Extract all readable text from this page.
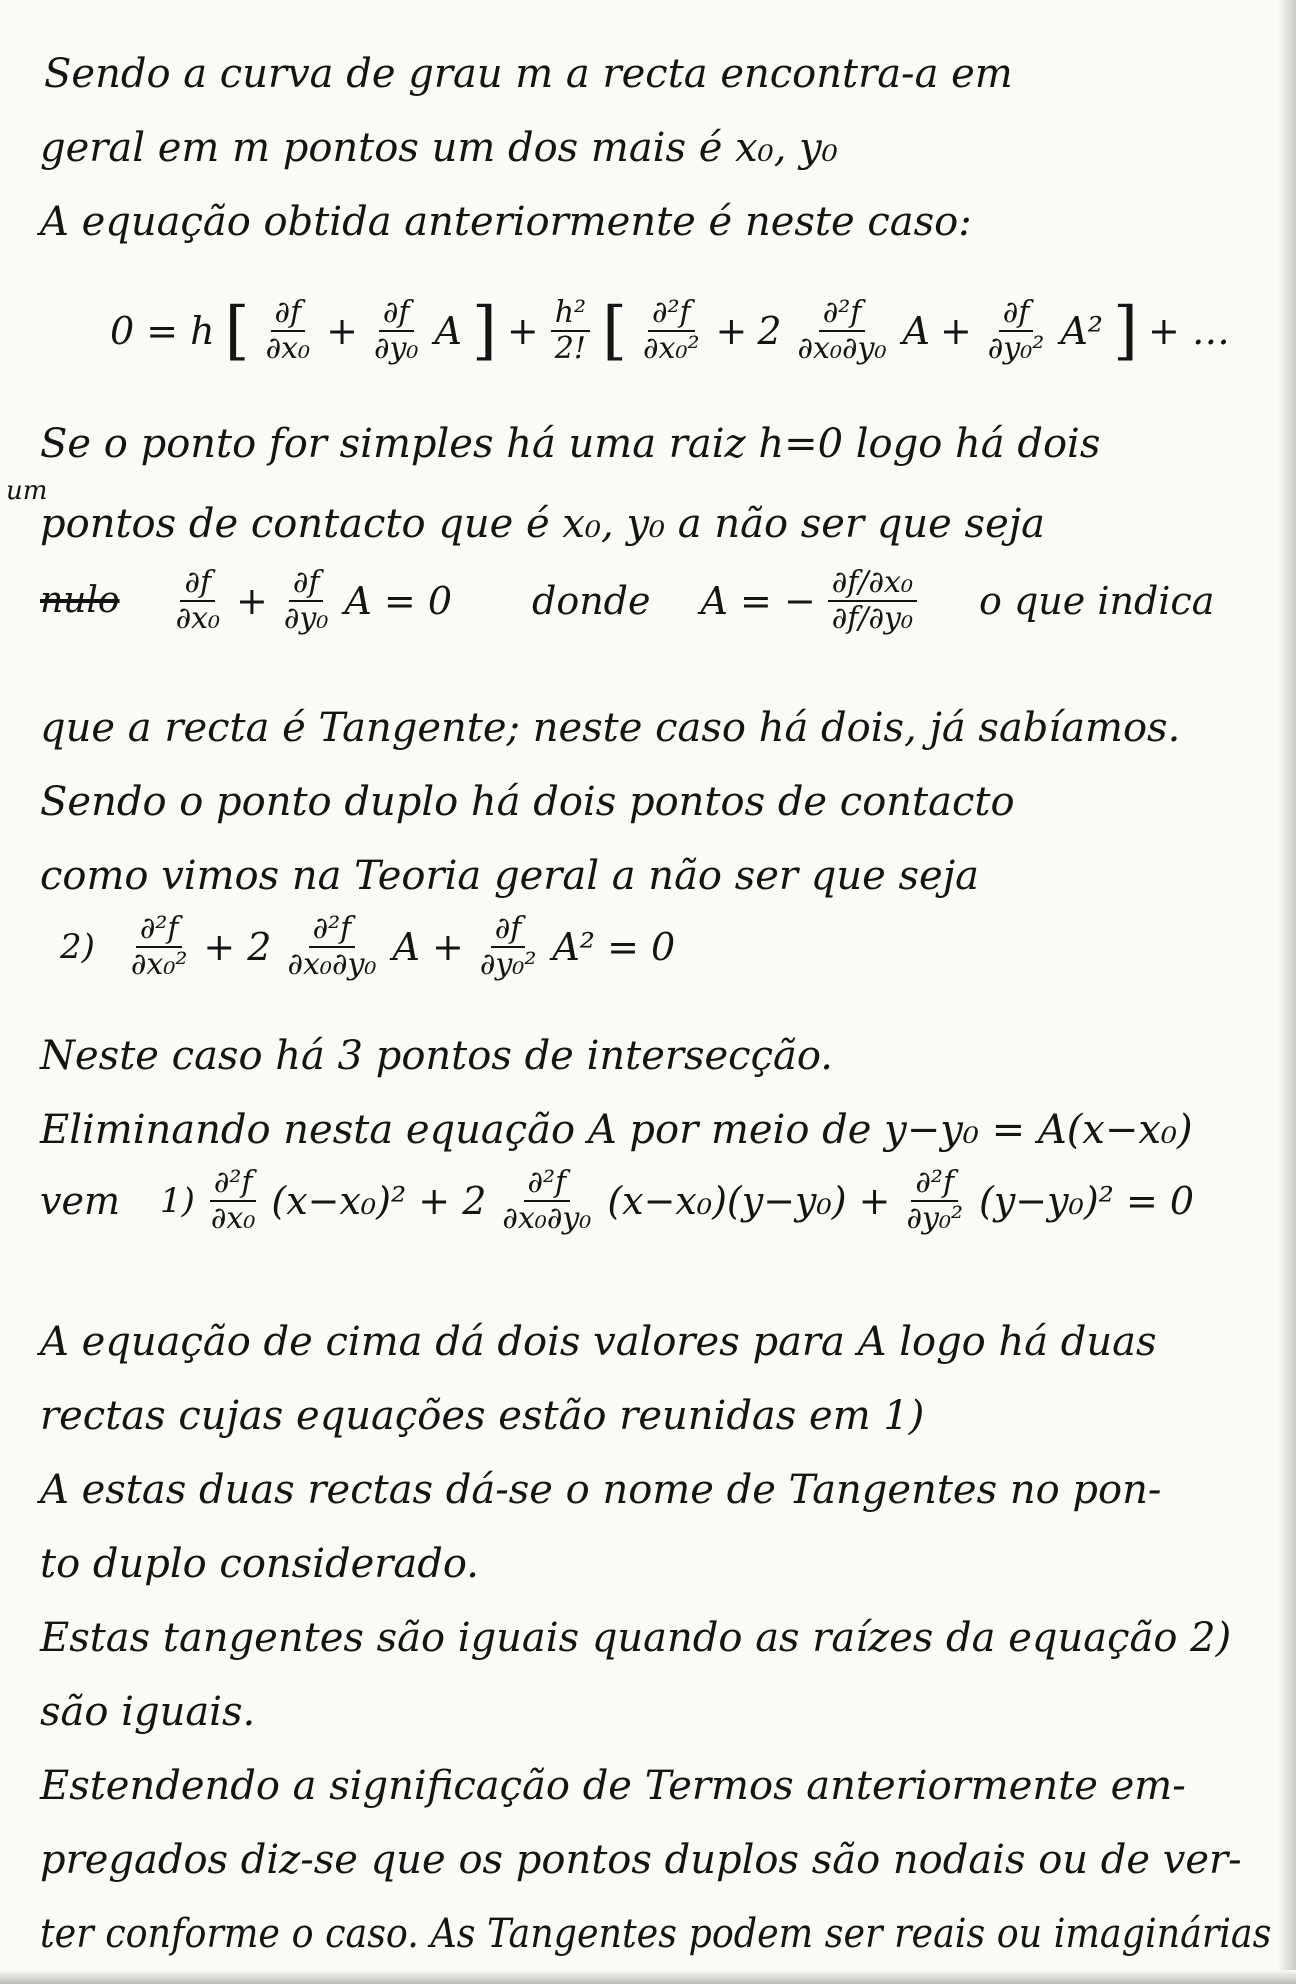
Sendo a curva de grau m a recta encontra-a em
geral em m pontos um dos mais é x₀, y₀
A equação obtida anteriormente é neste caso:
0 = h [ $\frac{\partial f}{\text{∂x₀}} + \frac{\partial f}{\text{∂y₀}}$ A ] + $\frac{\text{h²}}{2!}$ [ $\frac{\text{∂²f}}{\text{∂x₀²}} + 2 \frac{\text{∂²f}}{\text{∂x₀∂y₀}}$ $A + \frac{\partial f}{\text{∂y₀²}} A^2$ ] + …
Se o ponto for simples há uma raiz h=0 logo há dois
um
pontos de contacto que é x₀, y₀ a não ser que seja
nulo $\frac{\partial f}{\text{∂x₀}} + \frac{\partial f}{\text{∂y₀}}$ A = 0 donde A = − $\frac{\text{∂f/∂x₀}}{\text{∂f/∂y₀}}$ o que indica
que a recta é Tangente; neste caso há dois, já sabíamos.
Sendo o ponto duplo há dois pontos de contacto
como vimos na Teoria geral a não ser que seja
$2) \frac{\text{∂²f}}{\text{∂x₀²}} + 2 \frac{\text{∂²f}}{\text{∂x₀∂y₀}}$ $A + \frac{\partial f}{\text{∂y₀²}} A^2 = 0$
Neste caso há 3 pontos de intersecção.
Eliminando nesta equação A por meio de y−y₀ = A(x−x₀)
vem $1) \frac{\text{∂²f}}{\text{∂x₀}} (x-x_0)^2 + 2 \frac{\text{∂²f}}{\text{∂x₀∂y₀}} (x-x_0)(y-y_0) + \frac{\text{∂²f}}{\text{∂y₀²}} (y-y_0)^2 = 0$
A equação de cima dá dois valores para A logo há duas
rectas cujas equações estão reunidas em 1)
A estas duas rectas dá-se o nome de Tangentes no pon-
to duplo considerado.
Estas tangentes são iguais quando as raízes da equação 2)
são iguais.
Estendendo a significação de Termos anteriormente em-
pregados diz-se que os pontos duplos são nodais ou de ver-
ter conforme o caso. As Tangentes podem ser reais ou imaginárias
